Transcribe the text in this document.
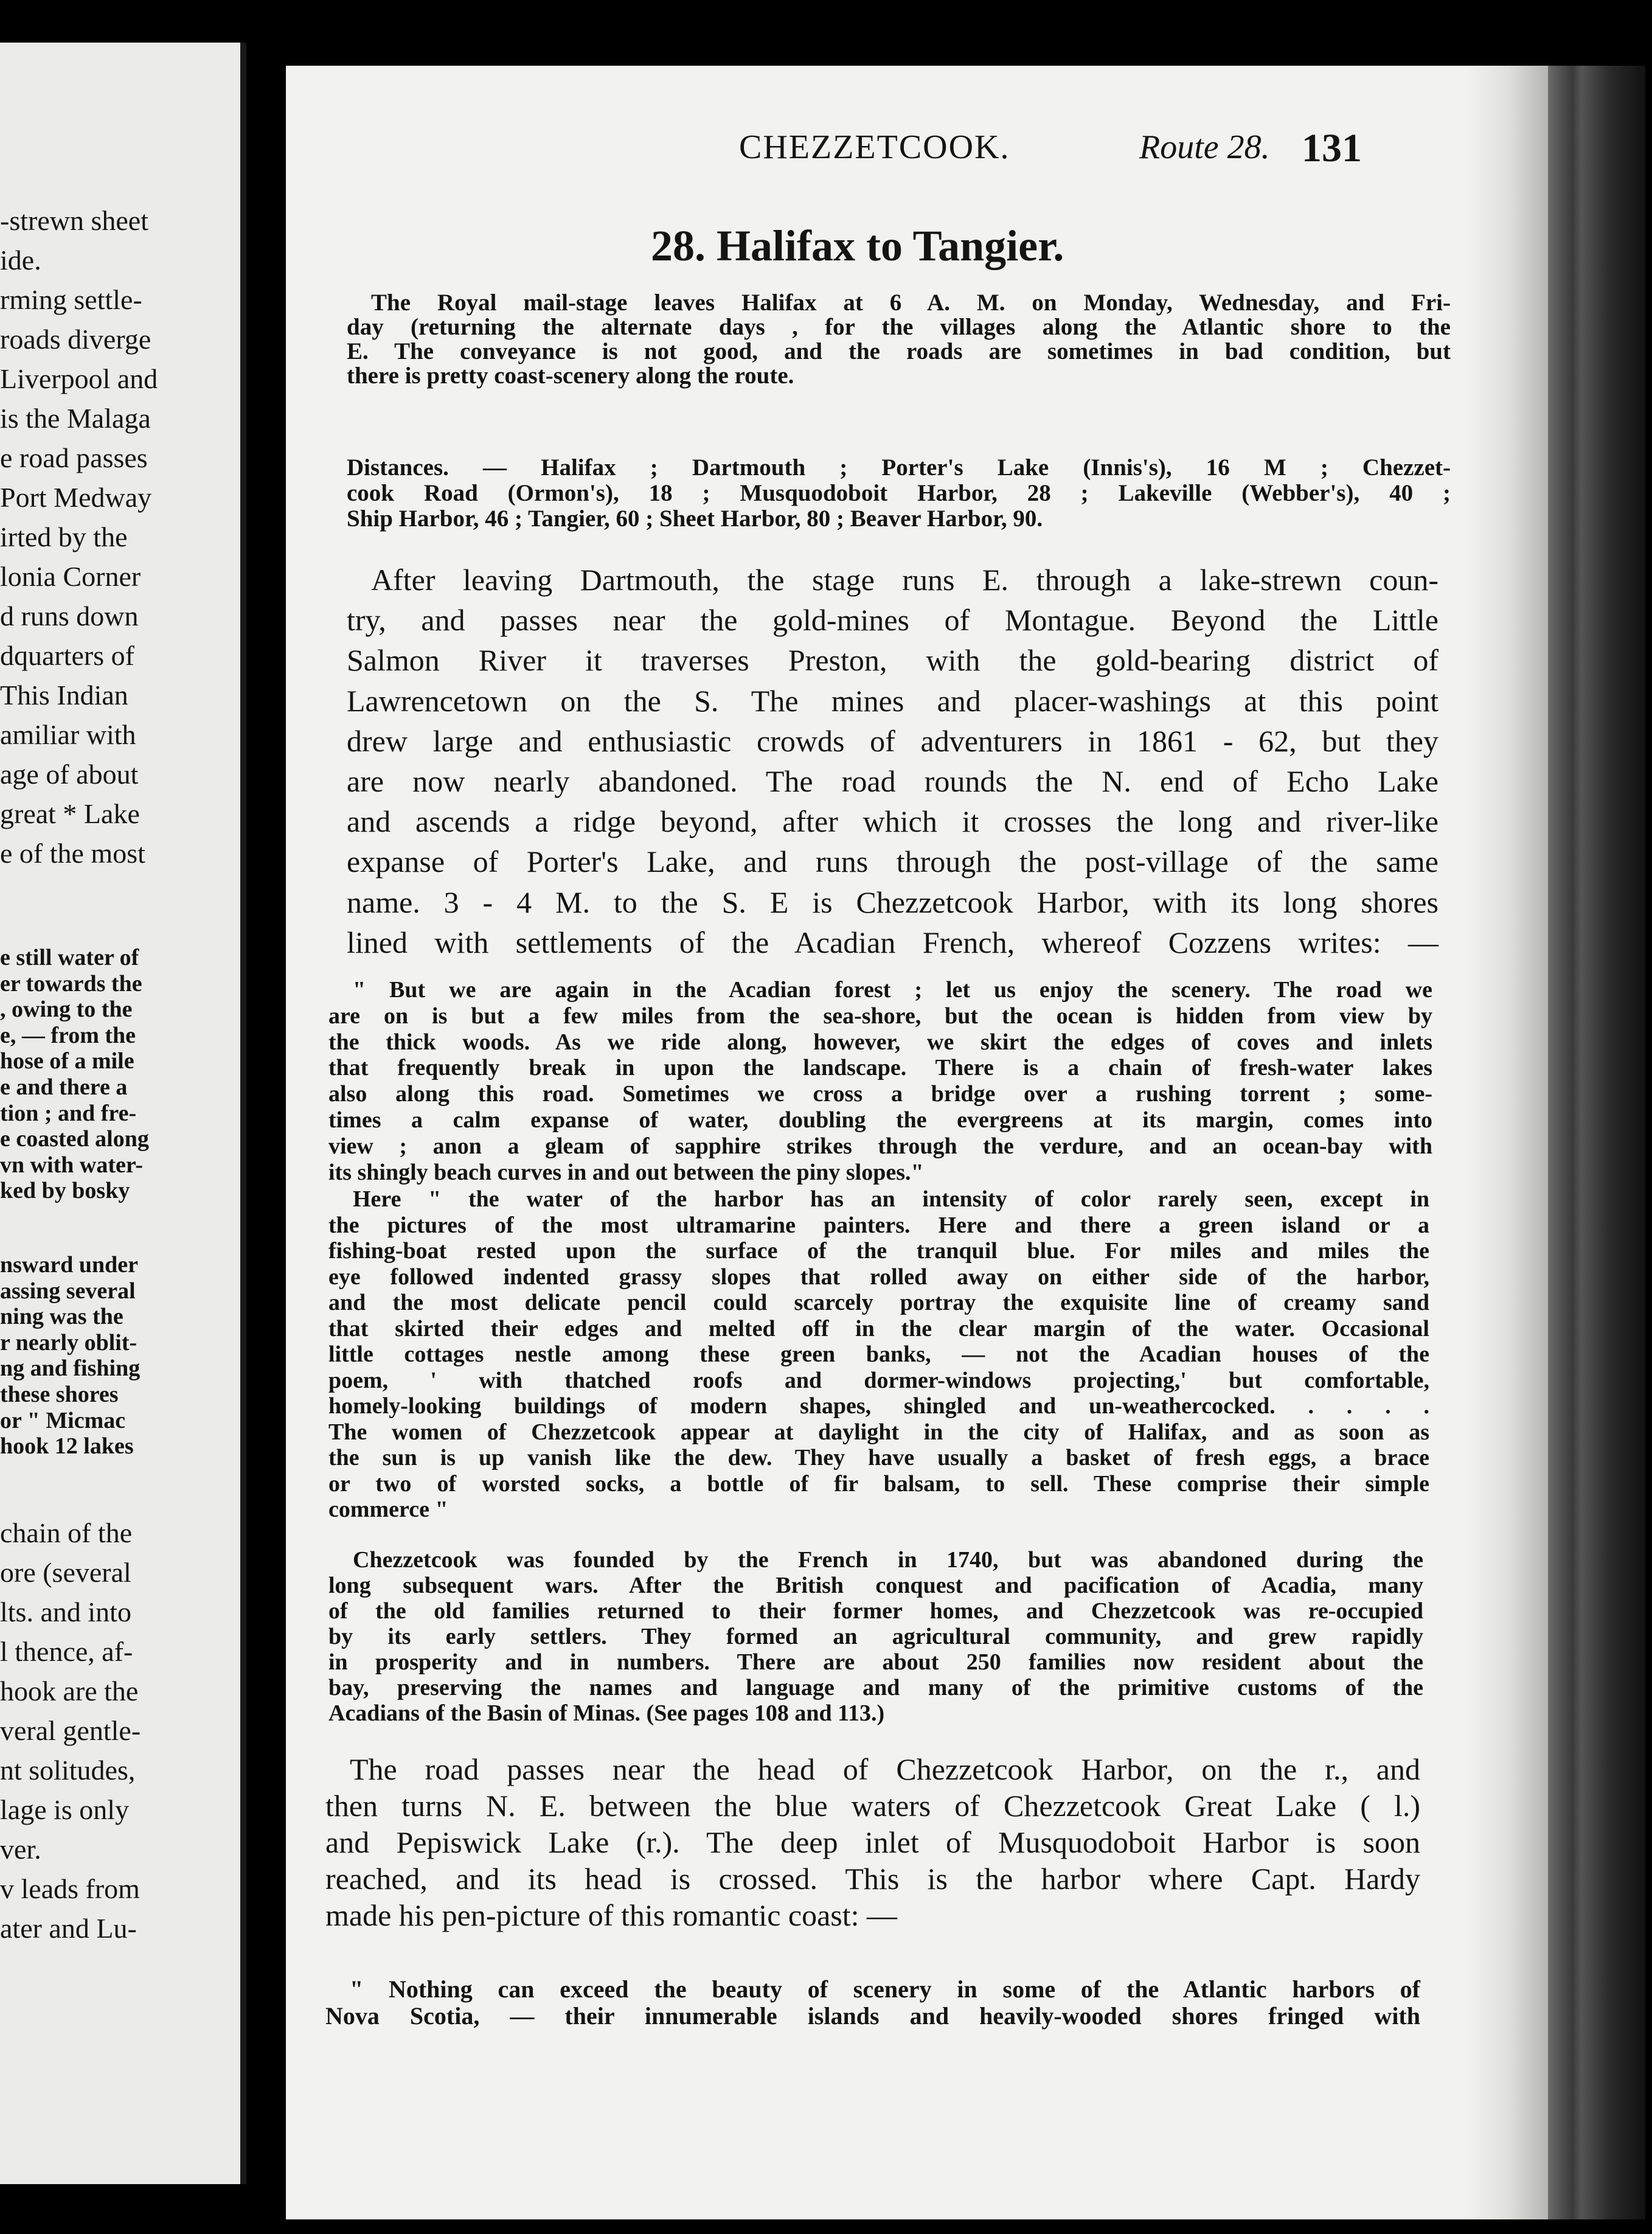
-strewn sheet
ide.
rming settle-
roads diverge
Liverpool and
is the Malaga
e road passes
Port Medway
irted by the
lonia Corner
d runs down
dquarters of
This Indian
amiliar with
age of about
great * Lake
e of the most
e still water of
er towards the
, owing to the
e, — from the
hose of a mile
e and there a
tion ; and fre-
e coasted along
vn with water-
ked by bosky
nsward under
assing several
ning was the
r nearly oblit-
ng and fishing
these shores
or " Micmac
hook 12 lakes
chain of the
ore (several
lts. and into
l thence, af-
hook are the
veral gentle-
nt solitudes,
lage is only
ver.
v leads from
ater and Lu-
CHEZZETCOOK.	Route 28. 131
28. Halifax to Tangier.
The Royal mail-stage leaves Halifax at 6 A. M. on Monday, Wednesday, and Fri-
day (returning the alternate days , for the villages along the Atlantic shore to the
E. The conveyance is not good, and the roads are sometimes in bad condition, but
there is pretty coast-scenery along the route.
Distances. — Halifax ; Dartmouth ; Porter's Lake (Innis's), 16 M ; Chezzet-
cook Road (Ormon's), 18 ; Musquodoboit Harbor, 28 ; Lakeville (Webber's), 40 ;
Ship Harbor, 46 ; Tangier, 60 ; Sheet Harbor, 80 ; Beaver Harbor, 90.
After leaving Dartmouth, the stage runs E. through a lake-strewn coun-
try, and passes near the gold-mines of Montague. Beyond the Little
Salmon River it traverses Preston, with the gold-bearing district of
Lawrencetown on the S. The mines and placer-washings at this point
drew large and enthusiastic crowds of adventurers in 1861 - 62, but they
are now nearly abandoned. The road rounds the N. end of Echo Lake
and ascends a ridge beyond, after which it crosses the long and river-like
expanse of Porter's Lake, and runs through the post-village of the same
name. 3 - 4 M. to the S. E is Chezzetcook Harbor, with its long shores
lined with settlements of the Acadian French, whereof Cozzens writes: —
" But we are again in the Acadian forest ; let us enjoy the scenery. The road we
are on is but a few miles from the sea-shore, but the ocean is hidden from view by
the thick woods. As we ride along, however, we skirt the edges of coves and inlets
that frequently break in upon the landscape. There is a chain of fresh-water lakes
also along this road. Sometimes we cross a bridge over a rushing torrent ; some-
times a calm expanse of water, doubling the evergreens at its margin, comes into
view ; anon a gleam of sapphire strikes through the verdure, and an ocean-bay with
its shingly beach curves in and out between the piny slopes."
Here " the water of the harbor has an intensity of color rarely seen, except in
the pictures of the most ultramarine painters. Here and there a green island or a
fishing-boat rested upon the surface of the tranquil blue. For miles and miles the
eye followed indented grassy slopes that rolled away on either side of the harbor,
and the most delicate pencil could scarcely portray the exquisite line of creamy sand
that skirted their edges and melted off in the clear margin of the water. Occasional
little cottages nestle among these green banks, — not the Acadian houses of the
poem, ' with thatched roofs and dormer-windows projecting,' but comfortable,
homely-looking buildings of modern shapes, shingled and un-weathercocked. . . . .
The women of Chezzetcook appear at daylight in the city of Halifax, and as soon as
the sun is up vanish like the dew. They have usually a basket of fresh eggs, a brace
or two of worsted socks, a bottle of fir balsam, to sell. These comprise their simple
commerce "
Chezzetcook was founded by the French in 1740, but was abandoned during the
long subsequent wars. After the British conquest and pacification of Acadia, many
of the old families returned to their former homes, and Chezzetcook was re-occupied
by its early settlers. They formed an agricultural community, and grew rapidly
in prosperity and in numbers. There are about 250 families now resident about the
bay, preserving the names and language and many of the primitive customs of the
Acadians of the Basin of Minas. (See pages 108 and 113.)
The road passes near the head of Chezzetcook Harbor, on the r., and
then turns N. E. between the blue waters of Chezzetcook Great Lake ( l.)
and Pepiswick Lake (r.). The deep inlet of Musquodoboit Harbor is soon
reached, and its head is crossed. This is the harbor where Capt. Hardy
made his pen-picture of this romantic coast: —
" Nothing can exceed the beauty of scenery in some of the Atlantic harbors of
Nova Scotia, — their innumerable islands and heavily-wooded shores fringed with
